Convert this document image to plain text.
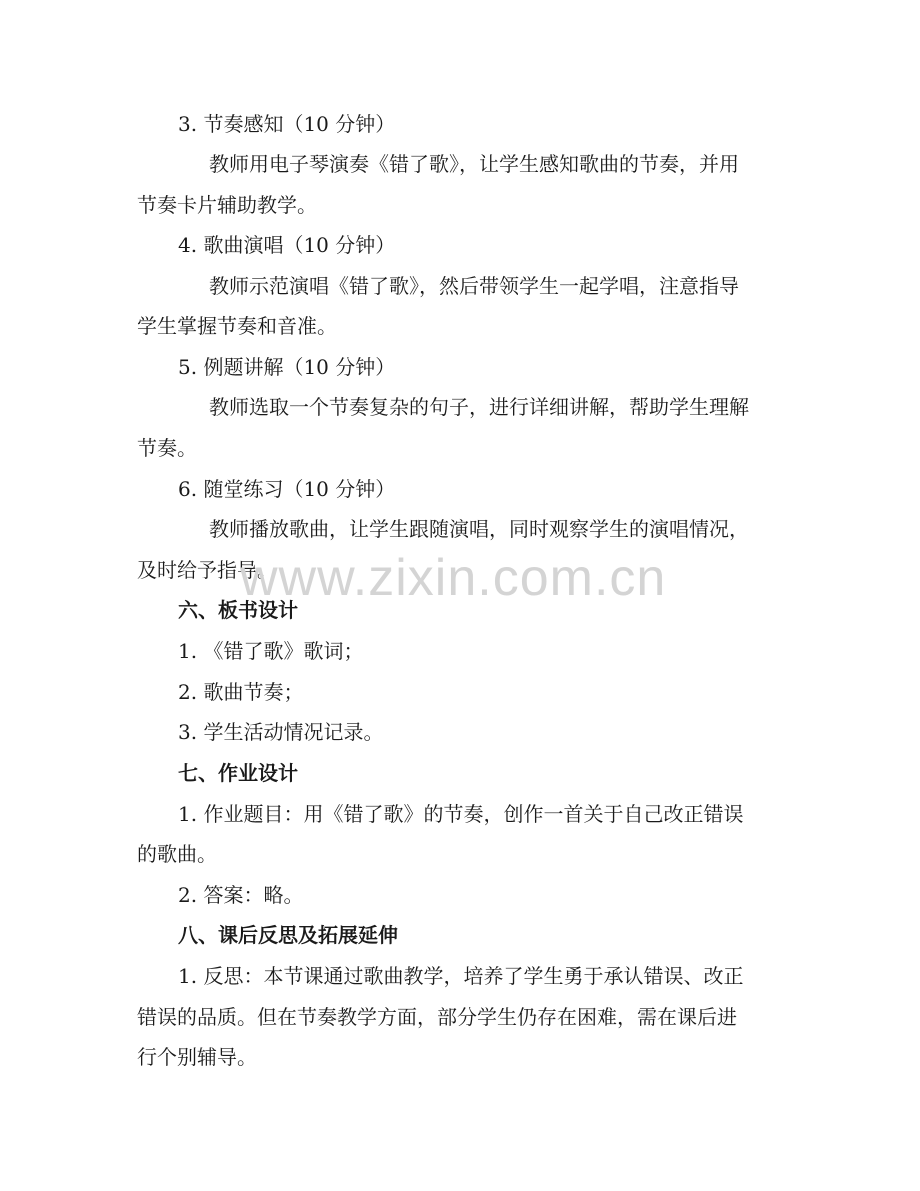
3. 节奏感知（10 分钟）
教师用电子琴演奏《错了歌》，让学生感知歌曲的节奏，并用
节奏卡片辅助教学。
4. 歌曲演唱（10 分钟）
教师示范演唱《错了歌》，然后带领学生一起学唱，注意指导
学生掌握节奏和音准。
5. 例题讲解（10 分钟）
教师选取一个节奏复杂的句子，进行详细讲解，帮助学生理解
节奏。
6. 随堂练习（10 分钟）
教师播放歌曲，让学生跟随演唱，同时观察学生的演唱情况，
及时给予指导。
六、板书设计
1. 《错了歌》歌词；
2. 歌曲节奏；
3. 学生活动情况记录。
七、作业设计
1. 作业题目：用《错了歌》的节奏，创作一首关于自己改正错误
的歌曲。
2. 答案：略。
八、课后反思及拓展延伸
1. 反思：本节课通过歌曲教学，培养了学生勇于承认错误、改正
错误的品质。但在节奏教学方面，部分学生仍存在困难，需在课后进
行个别辅导。
www.zixin.com.cn
